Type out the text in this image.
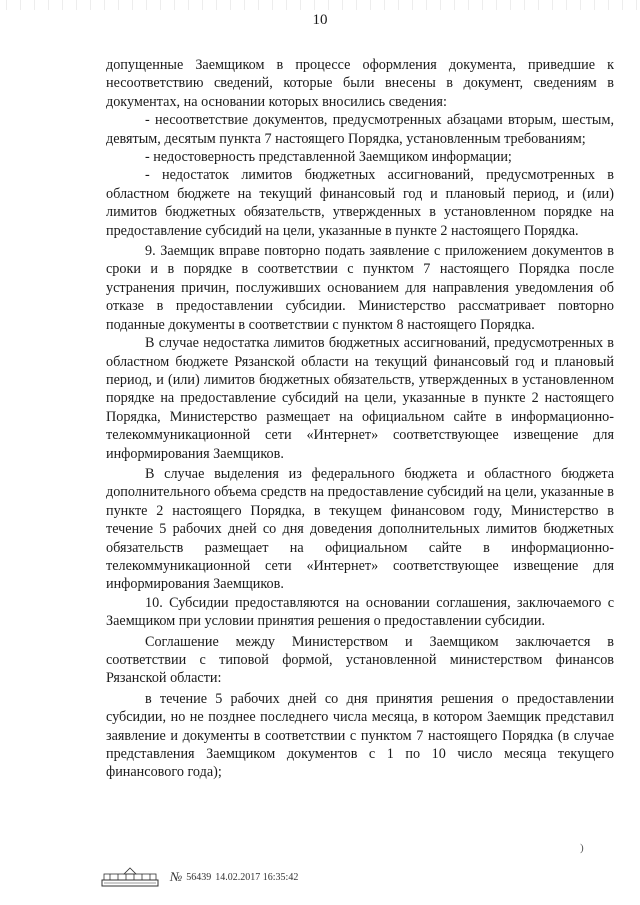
10

допущенные Заемщиком в процессе оформления документа, приведшие к несоответствию сведений, которые были внесены в документ, сведениям в документах, на основании которых вносились сведения:

- несоответствие документов, предусмотренных абзацами вторым, шестым, девятым, десятым пункта 7 настоящего Порядка, установленным требованиям;

- недостоверность представленной Заемщиком информации;

- недостаток лимитов бюджетных ассигнований, предусмотренных в областном бюджете на текущий финансовый год и плановый период, и (или) лимитов бюджетных обязательств, утвержденных в установленном порядке на предоставление субсидий на цели, указанные в пункте 2 настоящего Порядка.

9. Заемщик вправе повторно подать заявление с приложением документов в сроки и в порядке в соответствии с пунктом 7 настоящего Порядка после устранения причин, послуживших основанием для направления уведомления об отказе в предоставлении субсидии. Министерство рассматривает повторно поданные документы в соответствии с пунктом 8 настоящего Порядка.

В случае недостатка лимитов бюджетных ассигнований, предусмотренных в областном бюджете Рязанской области на текущий финансовый год и плановый период, и (или) лимитов бюджетных обязательств, утвержденных в установленном порядке на предоставление субсидий на цели, указанные в пункте 2 настоящего Порядка, Министерство размещает на официальном сайте в информационно-телекоммуникационной сети «Интернет» соответствующее извещение для информирования Заемщиков.

В случае выделения из федерального бюджета и областного бюджета дополнительного объема средств на предоставление субсидий на цели, указанные в пункте 2 настоящего Порядка, в текущем финансовом году, Министерство в течение 5 рабочих дней со дня доведения дополнительных лимитов бюджетных обязательств размещает на официальном сайте в информационно-телекоммуникационной сети «Интернет» соответствующее извещение для информирования Заемщиков.

10. Субсидии предоставляются на основании соглашения, заключаемого с Заемщиком при условии принятия решения о предоставлении субсидии.

Соглашение между Министерством и Заемщиком заключается в соответствии с типовой формой, установленной министерством финансов Рязанской области:

в течение 5 рабочих дней со дня принятия решения о предоставлении субсидии, но не позднее последнего числа месяца, в котором Заемщик представил заявление и документы в соответствии с пунктом 7 настоящего Порядка (в случае представления Заемщиком документов с 1 по 10 число месяца текущего финансового года);

)
№ 56439 14.02.2017 16:35:42
